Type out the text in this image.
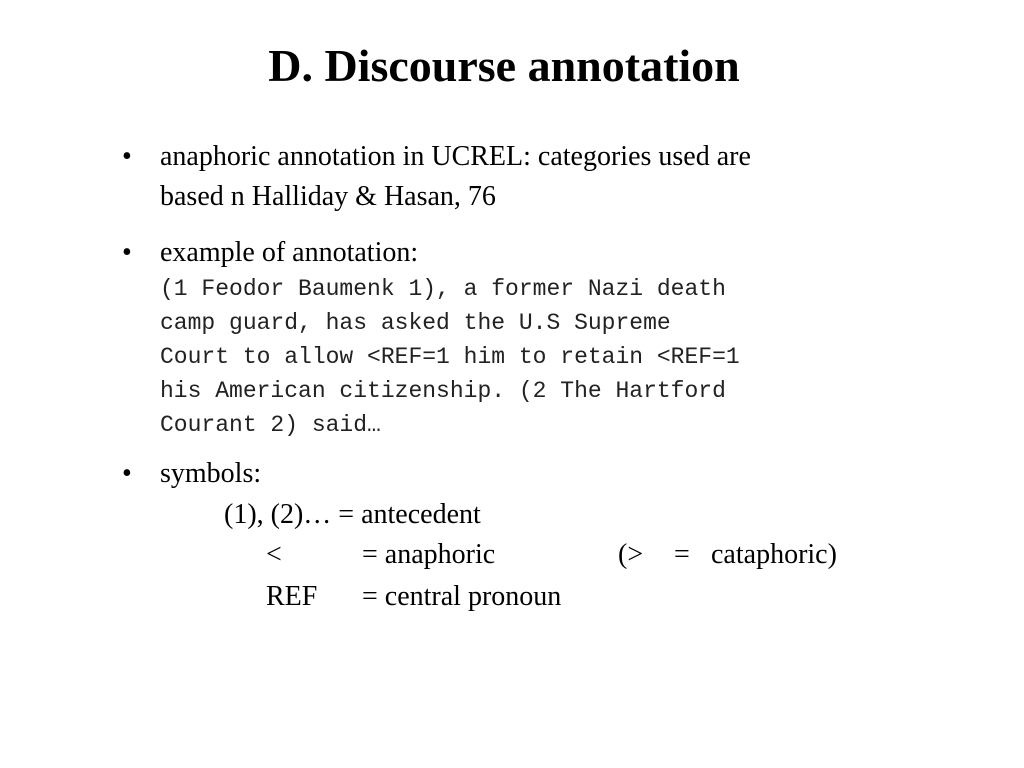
D. Discourse annotation
• anaphoric annotation in UCREL: categories used are
based n Halliday & Hasan, 76
• example of annotation:
(1 Feodor Baumenk 1), a former Nazi death
camp guard, has asked the U.S Supreme
Court to allow <REF=1 him to retain <REF=1
his American citizenship. (2 The Hartford
Courant 2) said…
• symbols:
(1), (2)… = antecedent
<	= anaphoric	(> = cataphoric)
REF = central pronoun
